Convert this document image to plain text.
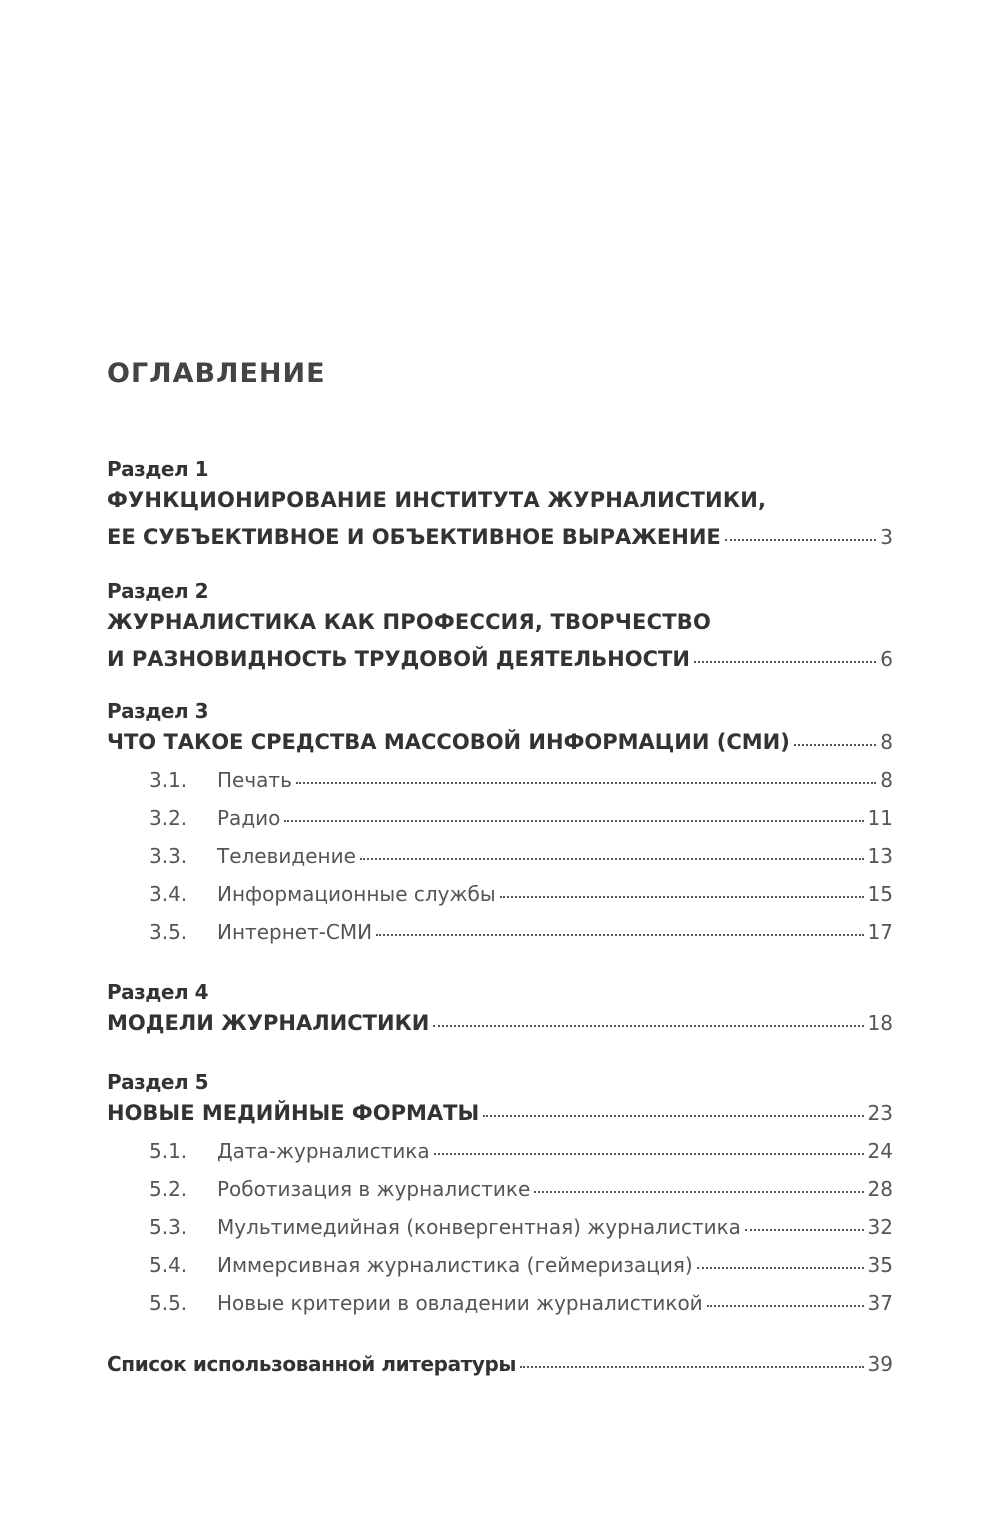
ОГЛАВЛЕНИЕ
Раздел 1
ФУНКЦИОНИРОВАНИЕ ИНСТИТУТА ЖУРНАЛИСТИКИ,
ЕЕ СУБЪЕКТИВНОЕ И ОБЪЕКТИВНОЕ ВЫРАЖЕНИЕ	3
Раздел 2
ЖУРНАЛИСТИКА КАК ПРОФЕССИЯ, ТВОРЧЕСТВО
И РАЗНОВИДНОСТЬ ТРУДОВОЙ ДЕЯТЕЛЬНОСТИ	6
Раздел 3
ЧТО ТАКОЕ СРЕДСТВА МАССОВОЙ ИНФОРМАЦИИ (СМИ)	8
3.1.	Печать	8
3.2.	Радио	11
3.3.	Телевидение	13
3.4.	Информационные службы	15
3.5.	Интернет-СМИ	17
Раздел 4
МОДЕЛИ ЖУРНАЛИСТИКИ	18
Раздел 5
НОВЫЕ МЕДИЙНЫЕ ФОРМАТЫ	23
5.1.	Дата-журналистика	24
5.2.	Роботизация в журналистике	28
5.3.	Мультимедийная (конвергентная) журналистика	32
5.4.	Иммерсивная журналистика (геймеризация)	35
5.5.	Новые критерии в овладении журналистикой	37
Список использованной литературы	39
